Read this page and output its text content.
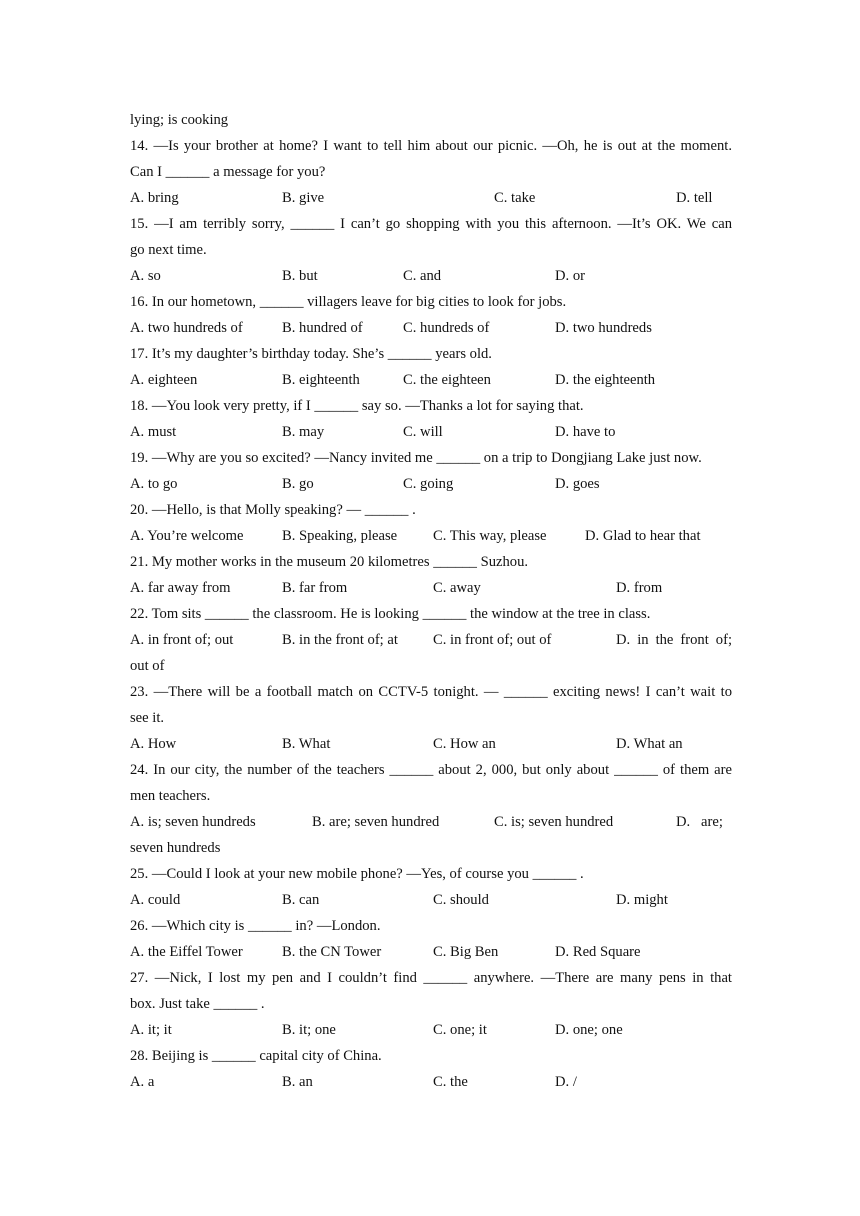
lying; is cooking
14. —Is your brother at home? I want to tell him about our picnic. —Oh, he is out at the moment.
Can I ______ a message for you?
A. bring	B. give	C. take	D. tell
15. —I am terribly sorry, ______ I can’t go shopping with you this afternoon. —It’s OK. We can
go next time.
A. so	B. but	C. and	D. or
16. In our hometown, ______ villagers leave for big cities to look for jobs.
A. two hundreds of	B. hundred of	C. hundreds of	D. two hundreds
17. It’s my daughter’s birthday today. She’s ______ years old.
A. eighteen	B. eighteenth	C. the eighteen	D. the eighteenth
18. —You look very pretty, if I ______ say so. —Thanks a lot for saying that.
A. must	B. may	C. will	D. have to
19. —Why are you so excited? —Nancy invited me ______ on a trip to Dongjiang Lake just now.
A. to go	B. go	C. going	D. goes
20. —Hello, is that Molly speaking? — ______ .
A. You’re welcome	B. Speaking, please C. This way, please	D. Glad to hear that
21. My mother works in the museum 20 kilometres ______ Suzhou.
A. far away from	B. far from	C. away	D. from
22. Tom sits ______ the classroom. He is looking ______ the window at the tree in class.
A. in front of; out	B. in the front of; at C. in front of; out of	D. in the front of;
out of
23. —There will be a football match on CCTV-5 tonight. — ______ exciting news! I can’t wait to
see it.
A. How	B. What	C. How an	D. What an
24. In our city, the number of the teachers ______ about 2, 000, but only about ______ of them are
men teachers.
A. is; seven hundreds	B. are; seven hundred	C. is; seven hundred	D. are;
seven hundreds
25. —Could I look at your new mobile phone? —Yes, of course you ______ .
A. could	B. can	C. should	D. might
26. —Which city is ______ in? —London.
A. the Eiffel Tower	B. the CN Tower	C. Big Ben	D. Red Square
27. —Nick, I lost my pen and I couldn’t find ______ anywhere. —There are many pens in that
box. Just take ______ .
A. it; it	B. it; one	C. one; it	D. one; one
28. Beijing is ______ capital city of China.
A. a	B. an	C. the	D. /
